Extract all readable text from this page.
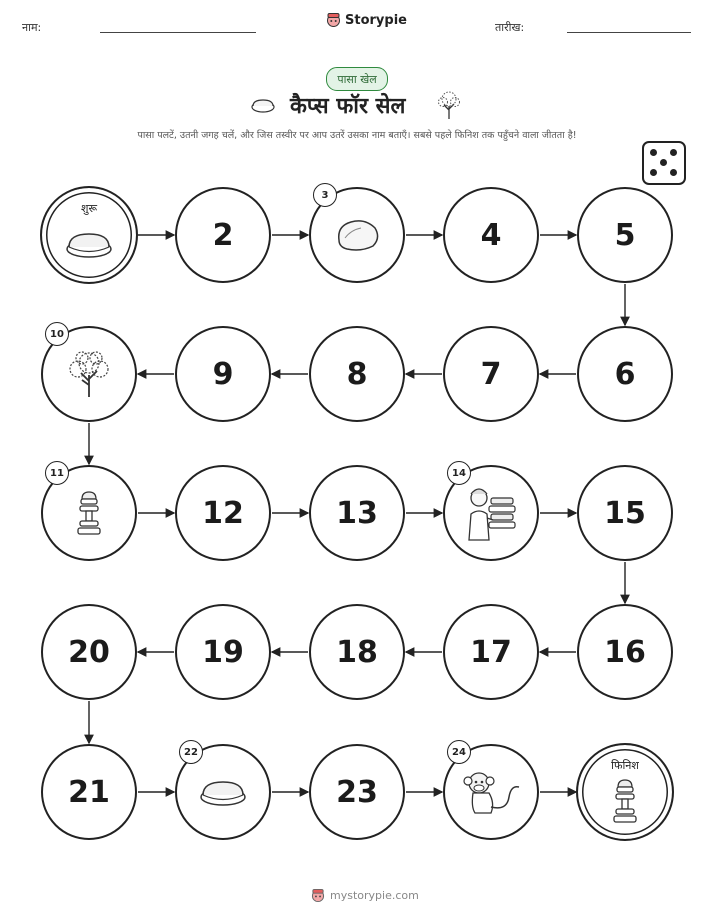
नाम:	Storypie	तारीख:
पासा खेल
कैप्स फॉर सेल
पासा पलटें, उतनी जगह चलें, और जिस तस्वीर पर आप उतरें उसका नाम बताएँ। सबसे पहले फिनिश तक पहुँचने वाला जीतता है!
शुरू
2
3
4	5
6
7
8
9
10
11
12	13
14
15
16
17
18
19
20
21
22
23
24
फिनिश
mystorypie.com
